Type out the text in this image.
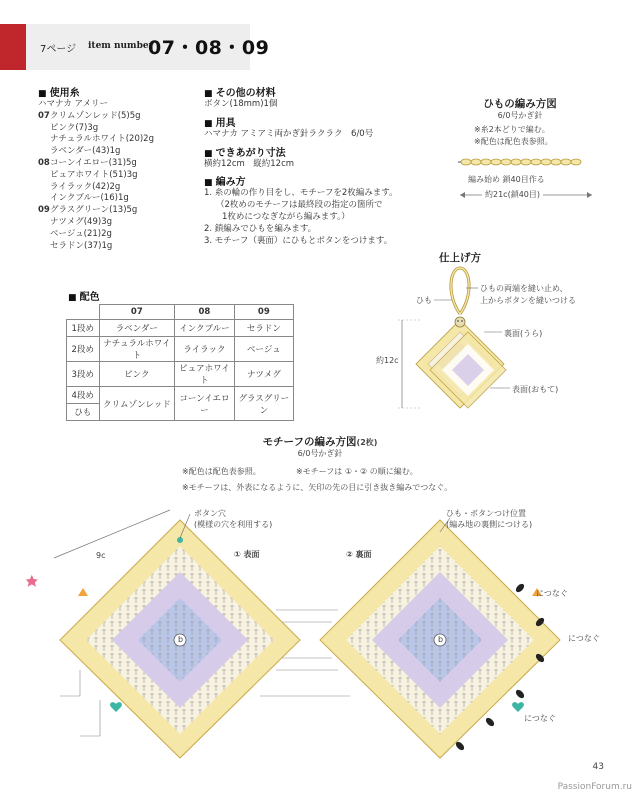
7ページ item number
07・08・09
■ 使用糸
ハマナカ アメリー
07クリムゾンレッド(5)5g
ピンク(7)3g
ナチュラルホワイト(20)2g
ラベンダー(43)1g
08コーンイエロー(31)5g
ピュアホワイト(51)3g
ライラック(42)2g
インクブルー(16)1g
09グラスグリーン(13)5g
ナツメグ(49)3g
ベージュ(21)2g
セラドン(37)1g
■ その他の材料
ボタン(18mm)1個
■ 用具
ハマナカ アミアミ両かぎ針ラクラク　6/0号
■ できあがり寸法
横約12cm　縦約12cm
■ 編み方
1. 糸の輪の作り目をし、モチーフを2枚編みます。
（2枚めのモチーフは最終段の指定の箇所で
1枚めにつなぎながら編みます。）
2. 鎖編みでひもを編みます。
3. モチーフ（裏面）にひもとボタンをつけます。
ひもの編み方図
6/0号かぎ針
※糸2本どりで編む。
※配色は配色表参照。
編み始め 鎖40目作る
約21c(鎖40目)
■ 配色
	07	08	09
1段め	ラベンダー	インクブルー	セラドン
2段め	ナチュラルホワイト	ライラック	ベージュ
3段め	ピンク	ピュアホワイト	ナツメグ
4段め	クリムゾンレッド	コーンイエロー	グラスグリーン
ひも			
仕上げ方
ひも
ひもの両端を縫い止め、
上からボタンを縫いつける
裏面(うら)
表面(おもて)
約12c
モチーフの編み方図(2枚)
6/0号かぎ針
※配色は配色表参照。	※モチーフは ①・② の順に編む。
※モチーフは、外表になるように、矢印の先の目に引き抜き編みでつなぐ。
ボタン穴
(模様の穴を利用する)
ひも・ボタンつけ位置
(編み地の裏側につける)
① 表面	② 裏面
9c
につなぐ
につなぐ
につなぐ
b	b
43
PassionForum.ru
